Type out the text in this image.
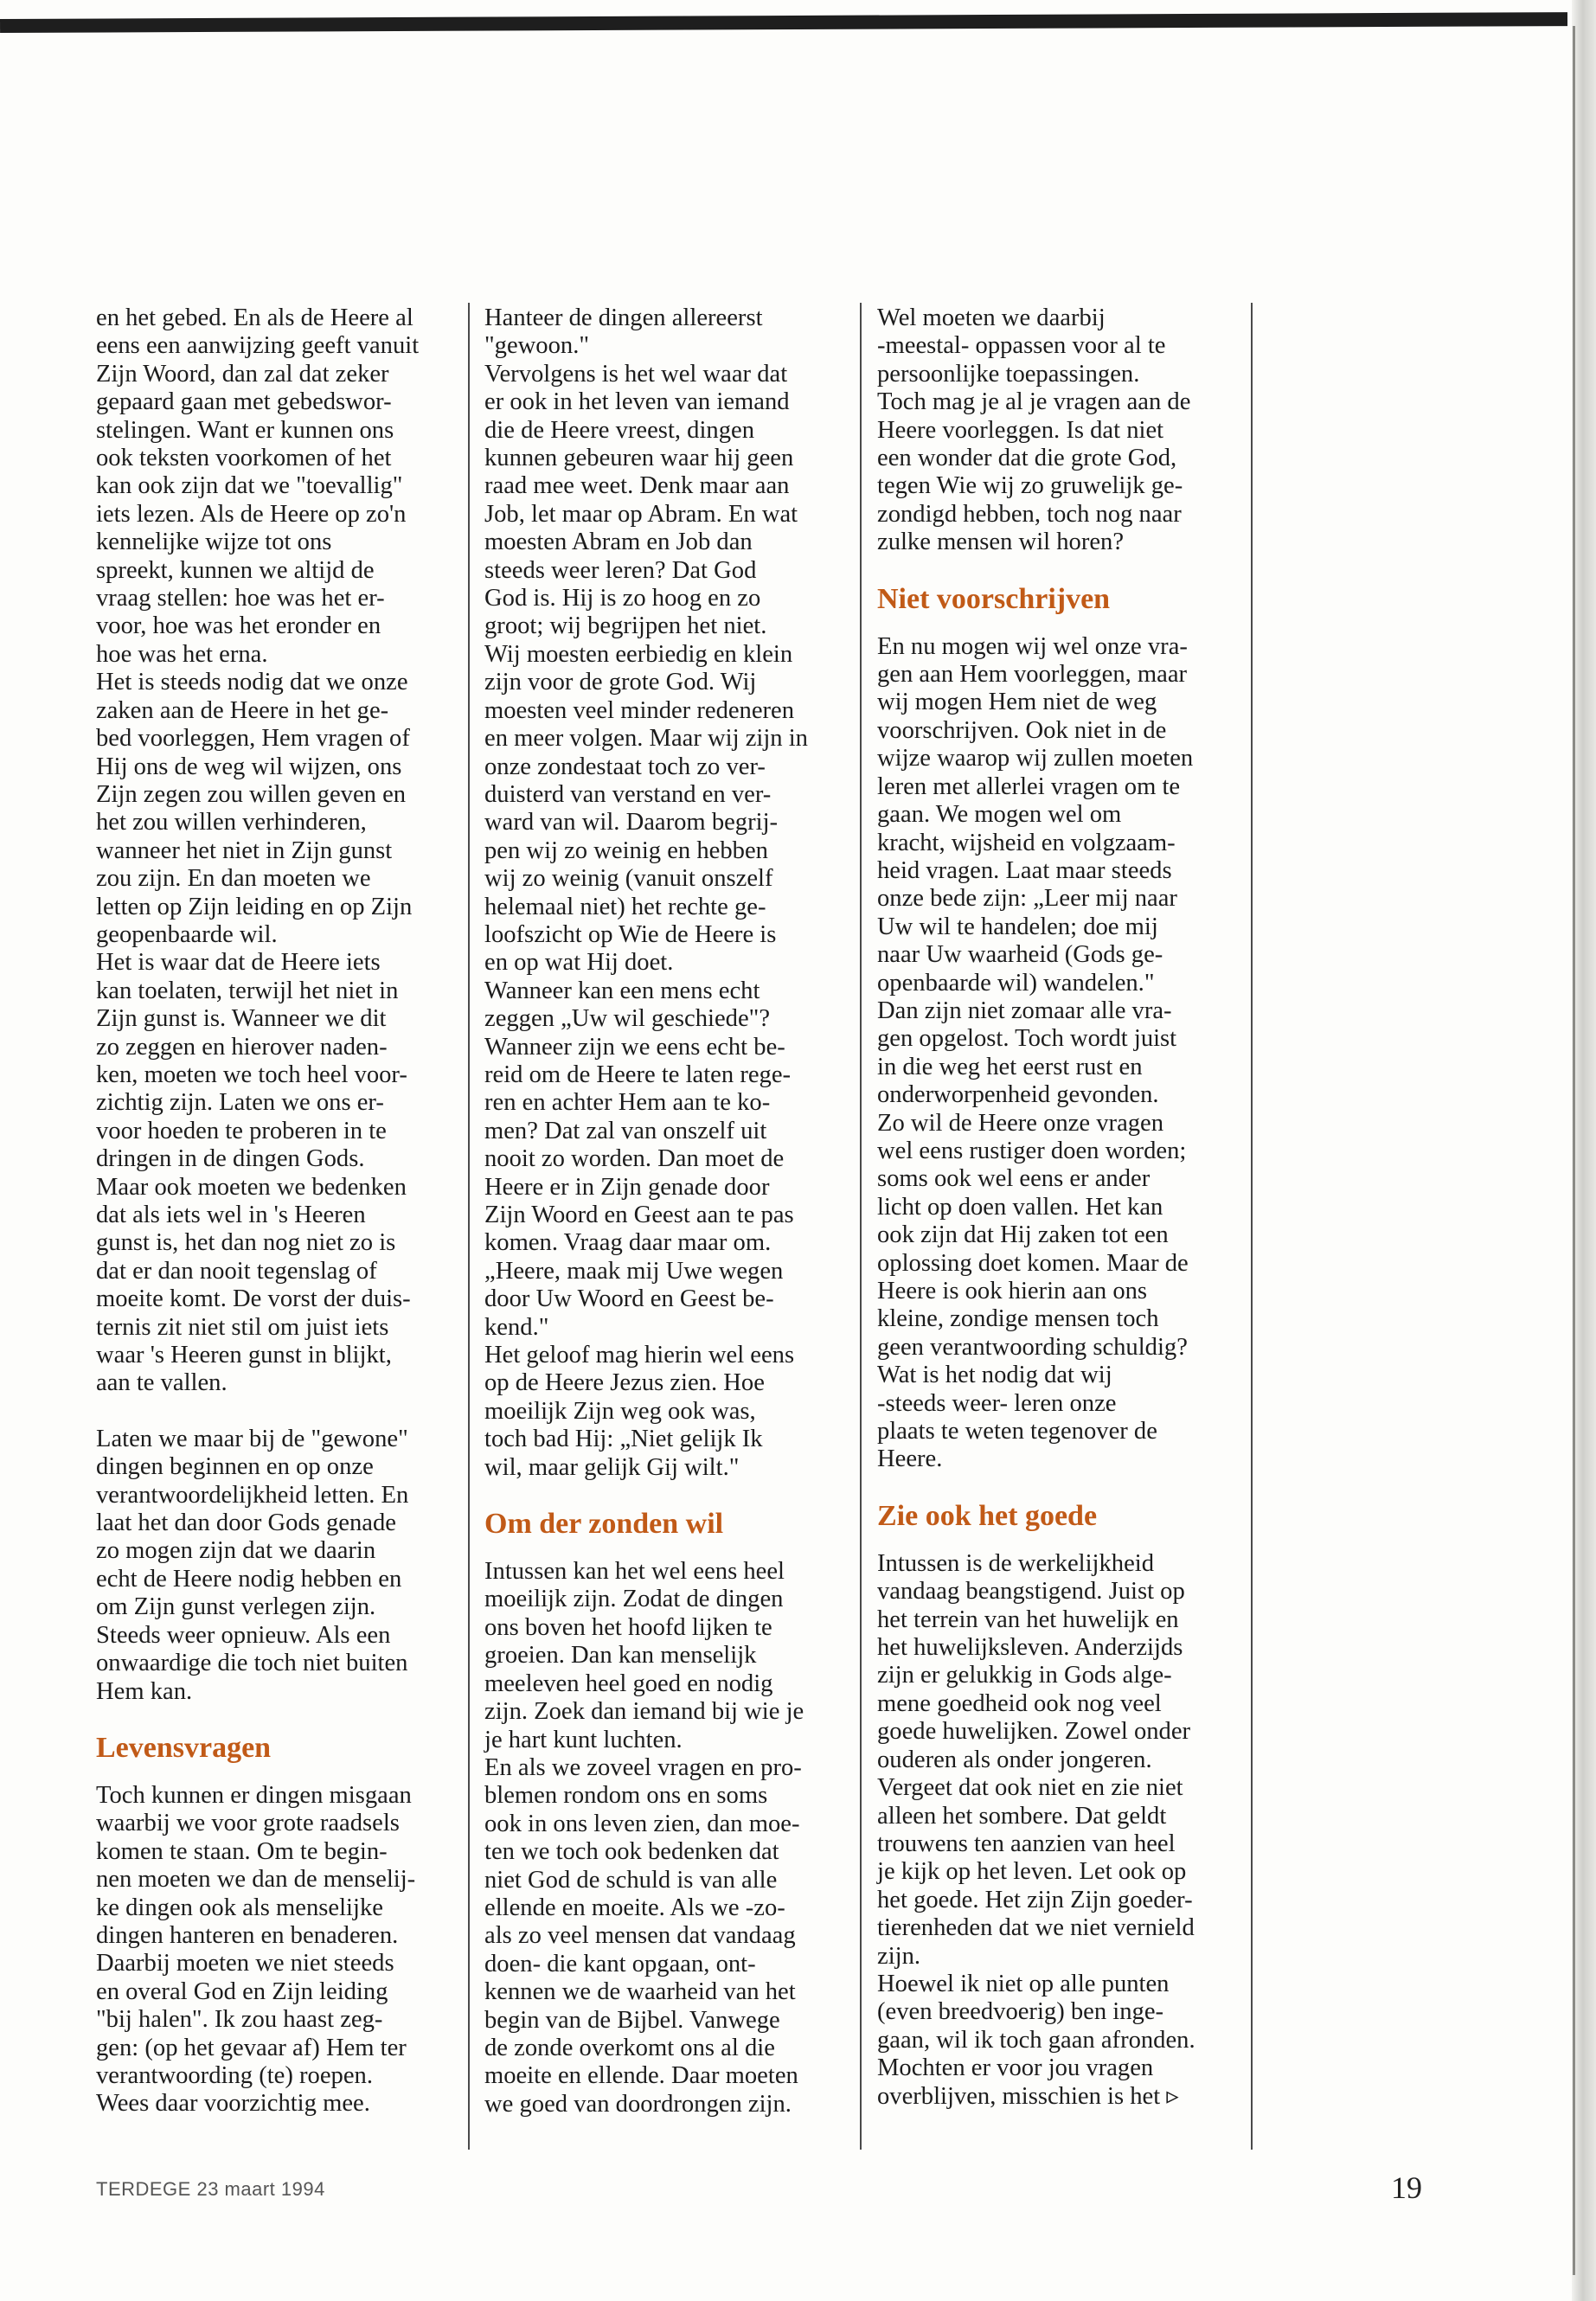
en het gebed. En als de Heere al
eens een aanwijzing geeft vanuit
Zijn Woord, dan zal dat zeker
gepaard gaan met gebedswor-
stelingen. Want er kunnen ons
ook teksten voorkomen of het
kan ook zijn dat we "toevallig"
iets lezen. Als de Heere op zo'n
kennelijke wijze tot ons
spreekt, kunnen we altijd de
vraag stellen: hoe was het er-
voor, hoe was het eronder en
hoe was het erna.
Het is steeds nodig dat we onze
zaken aan de Heere in het ge-
bed voorleggen, Hem vragen of
Hij ons de weg wil wijzen, ons
Zijn zegen zou willen geven en
het zou willen verhinderen,
wanneer het niet in Zijn gunst
zou zijn. En dan moeten we
letten op Zijn leiding en op Zijn
geopenbaarde wil.
Het is waar dat de Heere iets
kan toelaten, terwijl het niet in
Zijn gunst is. Wanneer we dit
zo zeggen en hierover naden-
ken, moeten we toch heel voor-
zichtig zijn. Laten we ons er-
voor hoeden te proberen in te
dringen in de dingen Gods.
Maar ook moeten we bedenken
dat als iets wel in 's Heeren
gunst is, het dan nog niet zo is
dat er dan nooit tegenslag of
moeite komt. De vorst der duis-
ternis zit niet stil om juist iets
waar 's Heeren gunst in blijkt,
aan te vallen.
Laten we maar bij de "gewone"
dingen beginnen en op onze
verantwoordelijkheid letten. En
laat het dan door Gods genade
zo mogen zijn dat we daarin
echt de Heere nodig hebben en
om Zijn gunst verlegen zijn.
Steeds weer opnieuw. Als een
onwaardige die toch niet buiten
Hem kan.
Levensvragen
Toch kunnen er dingen misgaan
waarbij we voor grote raadsels
komen te staan. Om te begin-
nen moeten we dan de menselij-
ke dingen ook als menselijke
dingen hanteren en benaderen.
Daarbij moeten we niet steeds
en overal God en Zijn leiding
"bij halen". Ik zou haast zeg-
gen: (op het gevaar af) Hem ter
verantwoording (te) roepen.
Wees daar voorzichtig mee.
Hanteer de dingen allereerst
"gewoon."
Vervolgens is het wel waar dat
er ook in het leven van iemand
die de Heere vreest, dingen
kunnen gebeuren waar hij geen
raad mee weet. Denk maar aan
Job, let maar op Abram. En wat
moesten Abram en Job dan
steeds weer leren? Dat God
God is. Hij is zo hoog en zo
groot; wij begrijpen het niet.
Wij moesten eerbiedig en klein
zijn voor de grote God. Wij
moesten veel minder redeneren
en meer volgen. Maar wij zijn in
onze zondestaat toch zo ver-
duisterd van verstand en ver-
ward van wil. Daarom begrij-
pen wij zo weinig en hebben
wij zo weinig (vanuit onszelf
helemaal niet) het rechte ge-
loofszicht op Wie de Heere is
en op wat Hij doet.
Wanneer kan een mens echt
zeggen „Uw wil geschiede"?
Wanneer zijn we eens echt be-
reid om de Heere te laten rege-
ren en achter Hem aan te ko-
men? Dat zal van onszelf uit
nooit zo worden. Dan moet de
Heere er in Zijn genade door
Zijn Woord en Geest aan te pas
komen. Vraag daar maar om.
„Heere, maak mij Uwe wegen
door Uw Woord en Geest be-
kend."
Het geloof mag hierin wel eens
op de Heere Jezus zien. Hoe
moeilijk Zijn weg ook was,
toch bad Hij: „Niet gelijk Ik
wil, maar gelijk Gij wilt."
Om der zonden wil
Intussen kan het wel eens heel
moeilijk zijn. Zodat de dingen
ons boven het hoofd lijken te
groeien. Dan kan menselijk
meeleven heel goed en nodig
zijn. Zoek dan iemand bij wie je
je hart kunt luchten.
En als we zoveel vragen en pro-
blemen rondom ons en soms
ook in ons leven zien, dan moe-
ten we toch ook bedenken dat
niet God de schuld is van alle
ellende en moeite. Als we -zo-
als zo veel mensen dat vandaag
doen- die kant opgaan, ont-
kennen we de waarheid van het
begin van de Bijbel. Vanwege
de zonde overkomt ons al die
moeite en ellende. Daar moeten
we goed van doordrongen zijn.
Wel moeten we daarbij
-meestal- oppassen voor al te
persoonlijke toepassingen.
Toch mag je al je vragen aan de
Heere voorleggen. Is dat niet
een wonder dat die grote God,
tegen Wie wij zo gruwelijk ge-
zondigd hebben, toch nog naar
zulke mensen wil horen?
Niet voorschrijven
En nu mogen wij wel onze vra-
gen aan Hem voorleggen, maar
wij mogen Hem niet de weg
voorschrijven. Ook niet in de
wijze waarop wij zullen moeten
leren met allerlei vragen om te
gaan. We mogen wel om
kracht, wijsheid en volgzaam-
heid vragen. Laat maar steeds
onze bede zijn: „Leer mij naar
Uw wil te handelen; doe mij
naar Uw waarheid (Gods ge-
openbaarde wil) wandelen."
Dan zijn niet zomaar alle vra-
gen opgelost. Toch wordt juist
in die weg het eerst rust en
onderworpenheid gevonden.
Zo wil de Heere onze vragen
wel eens rustiger doen worden;
soms ook wel eens er ander
licht op doen vallen. Het kan
ook zijn dat Hij zaken tot een
oplossing doet komen. Maar de
Heere is ook hierin aan ons
kleine, zondige mensen toch
geen verantwoording schuldig?
Wat is het nodig dat wij
-steeds weer- leren onze
plaats te weten tegenover de
Heere.
Zie ook het goede
Intussen is de werkelijkheid
vandaag beangstigend. Juist op
het terrein van het huwelijk en
het huwelijksleven. Anderzijds
zijn er gelukkig in Gods alge-
mene goedheid ook nog veel
goede huwelijken. Zowel onder
ouderen als onder jongeren.
Vergeet dat ook niet en zie niet
alleen het sombere. Dat geldt
trouwens ten aanzien van heel
je kijk op het leven. Let ook op
het goede. Het zijn Zijn goeder-
tierenheden dat we niet vernield
zijn.
Hoewel ik niet op alle punten
(even breedvoerig) ben inge-
gaan, wil ik toch gaan afronden.
Mochten er voor jou vragen
overblijven, misschien is het ▹
TERDEGE 23 maart 1994	19
